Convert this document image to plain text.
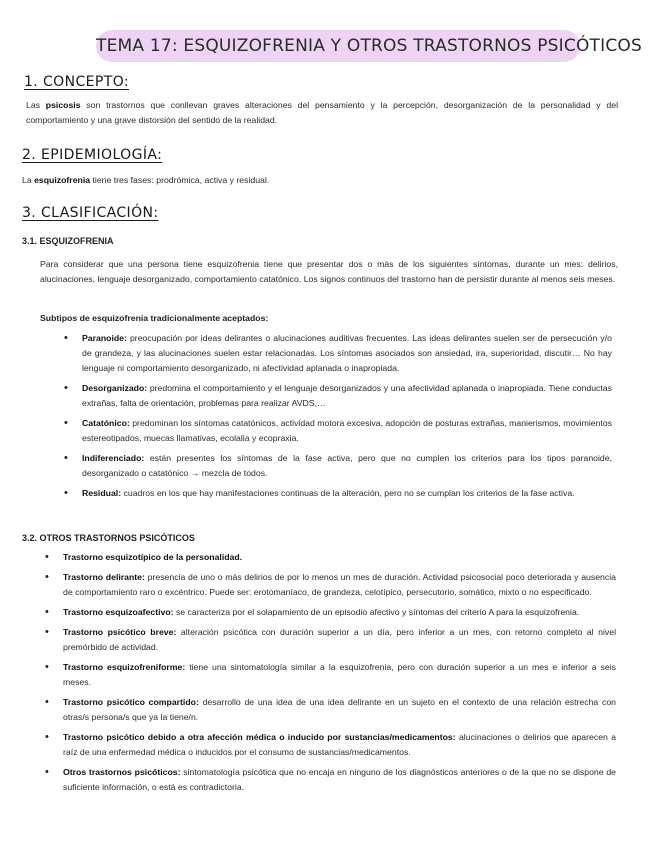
TEMA 17: ESQUIZOFRENIA Y OTROS TRASTORNOS PSICÓTICOS
1. CONCEPTO:
Las psicosis son trastornos que conllevan graves alteraciones del pensamiento y la percepción, desorganización de la personalidad y del comportamiento y una grave distorsión del sentido de la realidad.
2. EPIDEMIOLOGÍA:
La esquizofrenia tiene tres fases: prodrómica, activa y residual.
3. CLASIFICACIÓN:
3.1. ESQUIZOFRENIA
Para considerar que una persona tiene esquizofrenia tiene que presentar dos o más de los siguientes síntomas, durante un mes: delirios, alucinaciones, lenguaje desorganizado, comportamiento catatónico. Los signos continuos del trastorno han de persistir durante al menos seis meses.
Subtipos de esquizofrenia tradicionalmente aceptados:
• Paranoide: preocupación por ideas delirantes o alucinaciones auditivas frecuentes. Las ideas delirantes suelen ser de persecución y/o de grandeza, y las alucinaciones suelen estar relacionadas. Los síntomas asociados son ansiedad, ira, superioridad, discutir… No hay lenguaje ni comportamiento desorganizado, ni afectividad aplanada o inapropiada.
• Desorganizado: predomina el comportamiento y el lenguaje desorganizados y una afectividad aplanada o inapropiada. Tiene conductas extrañas, falta de orientación, problemas para realizar AVDS,…
• Catatónico: predominan los síntomas catatónicos, actividad motora excesiva, adopción de posturas extrañas, manierismos, movimientos estereotipados, muecas llamativas, ecolalia y ecopraxia.
• Indiferenciado: están presentes los síntomas de la fase activa, pero que no cumplen los criterios para los tipos paranoide, desorganizado o catatónico → mezcla de todos.
• Residual: cuadros en los que hay manifestaciones continuas de la alteración, pero no se cumplan los criterios de la fase activa.
3.2. OTROS TRASTORNOS PSICÓTICOS
• Trastorno esquizotípico de la personalidad.
• Trastorno delirante: presencia de uno o más delirios de por lo menos un mes de duración. Actividad psicosocial poco deteriorada y ausencia de comportamiento raro o excéntrico. Puede ser: erotomaníaco, de grandeza, celotípico, persecutorio, somático, mixto o no especificado.
• Trastorno esquizoafectivo: se caracteriza por el solapamiento de un episodio afectivo y síntomas del criterio A para la esquizofrenia.
• Trastorno psicótico breve: alteración psicótica con duración superior a un día, pero inferior a un mes, con retorno completo al nivel premórbido de actividad.
• Trastorno esquizofreniforme: tiene una sintomatología similar a la esquizofrenia, pero con duración superior a un mes e inferior a seis meses.
• Trastorno psicótico compartido: desarrollo de una idea de una idea delirante en un sujeto en el contexto de una relación estrecha con otras/s persona/s que ya la tiene/n.
• Trastorno psicótico debido a otra afección médica o inducido por sustancias/medicamentos: alucinaciones o delirios que aparecen a raíz de una enfermedad médica o inducidos por el consumo de sustancias/medicamentos.
• Otros trastornos psicóticos: sintomatología psicótica que no encaja en ninguno de los diagnósticos anteriores o de la que no se dispone de suficiente información, o está es contradictoria.
